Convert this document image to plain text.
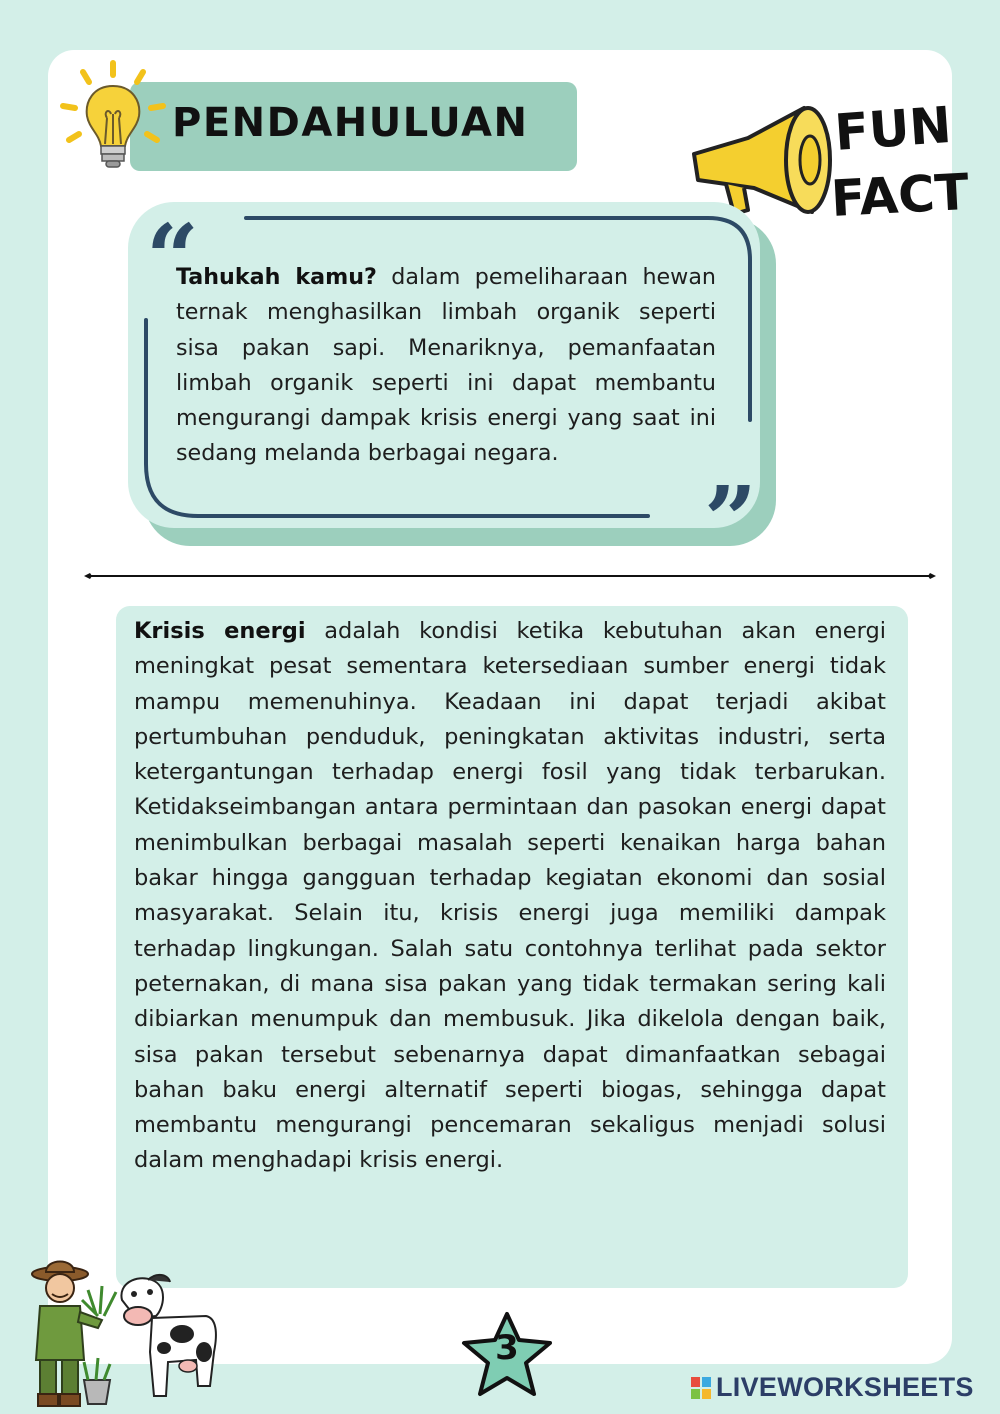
PENDAHULUAN	FUN
FACT
“
”

Tahukah kamu? dalam pemeliharaan hewan ternak menghasilkan limbah organik seperti sisa pakan sapi. Menariknya, pemanfaatan limbah organik seperti ini dapat membantu mengurangi dampak krisis energi yang saat ini sedang melanda berbagai negara.

Krisis energi adalah kondisi ketika kebutuhan akan energi meningkat pesat sementara ketersediaan sumber energi tidak mampu memenuhinya. Keadaan ini dapat terjadi akibat pertumbuhan penduduk, peningkatan aktivitas industri, serta ketergantungan terhadap energi fosil yang tidak terbarukan. Ketidakseimbangan antara permintaan dan pasokan energi dapat menimbulkan berbagai masalah seperti kenaikan harga bahan bakar hingga gangguan terhadap kegiatan ekonomi dan sosial masyarakat. Selain itu, krisis energi juga memiliki dampak terhadap lingkungan. Salah satu contohnya terlihat pada sektor peternakan, di mana sisa pakan yang tidak termakan sering kali dibiarkan menumpuk dan membusuk. Jika dikelola dengan baik, sisa pakan tersebut sebenarnya dapat dimanfaatkan sebagai bahan baku energi alternatif seperti biogas, sehingga dapat membantu mengurangi pencemaran sekaligus menjadi solusi dalam menghadapi krisis energi.

3
LIVEWORKSHEETS
